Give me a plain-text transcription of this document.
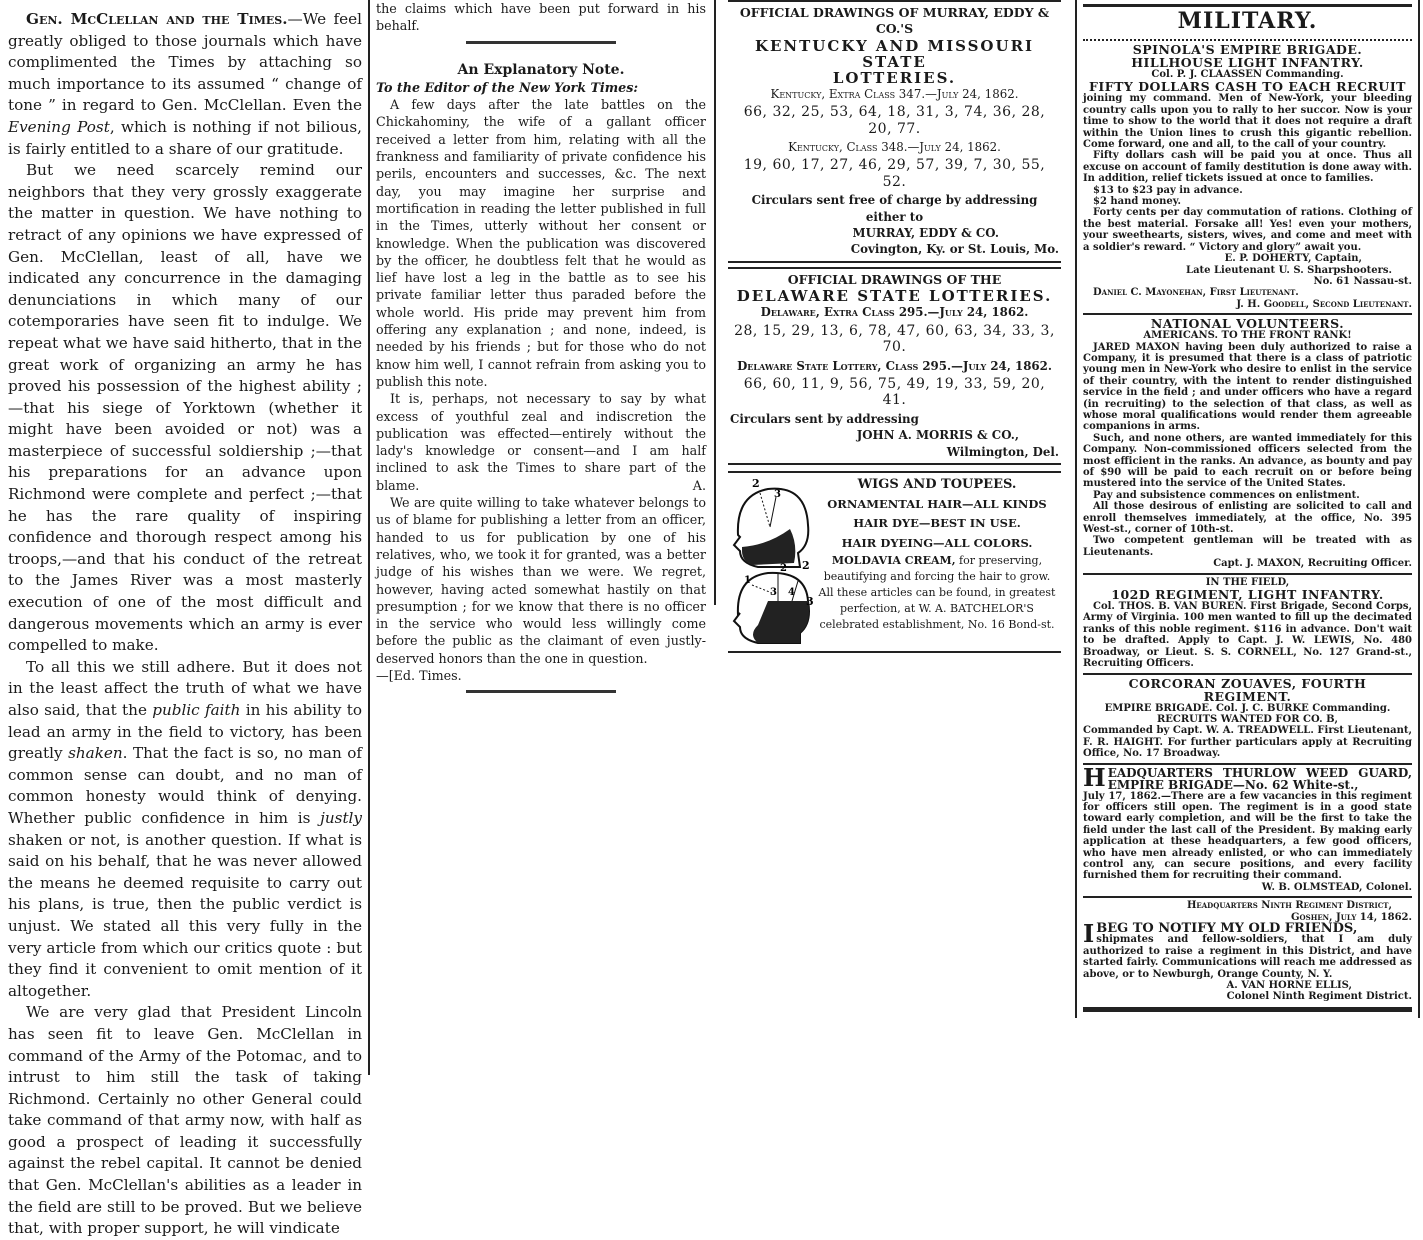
Gen. McClellan and the Times.—We feel greatly obliged to those journals which have complimented the Times by attaching so much importance to its assumed “ change of tone ” in regard to Gen. McClellan. Even the Evening Post, which is nothing if not bilious, is fairly entitled to a share of our gratitude.

But we need scarcely remind our neighbors that they very grossly exaggerate the matter in question. We have nothing to retract of any opinions we have expressed of Gen. McClellan, least of all, have we indicated any concurrence in the damaging denunciations in which many of our cotemporaries have seen fit to indulge. We repeat what we have said hitherto, that in the great work of organizing an army he has proved his possession of the highest ability ;—that his siege of Yorktown (whether it might have been avoided or not) was a masterpiece of successful soldiership ;—that his preparations for an advance upon Richmond were complete and perfect ;—that he has the rare quality of inspiring confidence and thorough respect among his troops,—and that his conduct of the retreat to the James River was a most masterly execution of one of the most difficult and dangerous movements which an army is ever compelled to make.

To all this we still adhere. But it does not in the least affect the truth of what we have also said, that the public faith in his ability to lead an army in the field to victory, has been greatly shaken. That the fact is so, no man of common sense can doubt, and no man of common honesty would think of denying. Whether public confidence in him is justly shaken or not, is another question. If what is said on his behalf, that he was never allowed the means he deemed requisite to carry out his plans, is true, then the public verdict is unjust. We stated all this very fully in the very article from which our critics quote : but they find it convenient to omit mention of it altogether.

We are very glad that President Lincoln has seen fit to leave Gen. McClellan in command of the Army of the Potomac, and to intrust to him still the task of taking Richmond. Certainly no other General could take command of that army now, with half as good a prospect of leading it successfully against the rebel capital. It cannot be denied that Gen. McClellan's abilities as a leader in the field are still to be proved. But we believe that, with proper support, he will vindicate

the claims which have been put forward in his behalf.

An Explanatory Note.

To the Editor of the New York Times:

A few days after the late battles on the Chickahominy, the wife of a gallant officer received a letter from him, relating with all the frankness and familiarity of private confidence his perils, encounters and successes, &c. The next day, you may imagine her surprise and mortification in reading the letter published in full in the Times, utterly without her consent or knowledge. When the publication was discovered by the officer, he doubtless felt that he would as lief have lost a leg in the battle as to see his private familiar letter thus paraded before the whole world. His pride may prevent him from offering any explanation ; and none, indeed, is needed by his friends ; but for those who do not know him well, I cannot refrain from asking you to publish this note.

It is, perhaps, not necessary to say by what excess of youthful zeal and indiscretion the publication was effected—entirely without the lady's knowledge or consent—and I am half inclined to ask the Times to share part of the blame.	A.

We are quite willing to take whatever belongs to us of blame for publishing a letter from an officer, handed to us for publication by one of his relatives, who, we took it for granted, was a better judge of his wishes than we were. We regret, however, having acted somewhat hastily on that presumption ; for we know that there is no officer in the service who would less willingly come before the public as the claimant of even justly-deserved honors than the one in question.

—[Ed. Times.

OFFICIAL DRAWINGS OF MURRAY, EDDY & CO.'S
KENTUCKY AND MISSOURI STATE
LOTTERIES.
Kentucky, Extra Class 347.—July 24, 1862.
66, 32, 25, 53, 64, 18, 31, 3, 74, 36, 28, 20, 77.
Kentucky, Class 348.—July 24, 1862.
19, 60, 17, 27, 46, 29, 57, 39, 7, 30, 55, 52.
Circulars sent free of charge by addressing either to
MURRAY, EDDY & CO.
Covington, Ky. or St. Louis, Mo.
OFFICIAL DRAWINGS OF THE
DELAWARE STATE LOTTERIES.
Delaware, Extra Class 295.—July 24, 1862.
28, 15, 29, 13, 6, 78, 47, 60, 63, 34, 33, 3, 70.
Delaware State Lottery, Class 295.—July 24, 1862.
66, 60, 11, 9, 56, 75, 49, 19, 33, 59, 20, 41.
Circulars sent by addressing
JOHN A. MORRIS & CO.,
Wilmington, Del.
2
3
2
2
1
3 4
3
WIGS AND TOUPEES.
ORNAMENTAL HAIR—ALL KINDS
HAIR DYE—BEST IN USE.
HAIR DYEING—ALL COLORS.
MOLDAVIA CREAM, for preserving, beautifying and forcing the hair to grow.
All these articles can be found, in greatest perfection, at W. A. BATCHELOR'S celebrated establishment, No. 16 Bond-st.
MILITARY.
SPINOLA'S EMPIRE BRIGADE.
HILLHOUSE LIGHT INFANTRY.
Col. P. J. CLAASSEN Commanding.
FIFTY DOLLARS CASH TO EACH RECRUIT

joining my command. Men of New-York, your bleeding country calls upon you to rally to her succor. Now is your time to show to the world that it does not require a draft within the Union lines to crush this gigantic rebellion. Come forward, one and all, to the call of your country.

Fifty dollars cash will be paid you at once. Thus all excuse on account of family destitution is done away with. In addition, relief tickets issued at once to families.

$13 to $23 pay in advance.

$2 hand money.

Forty cents per day commutation of rations. Clothing of the best material. Forsake all! Yes! even your mothers, your sweethearts, sisters, wives, and come and meet with a soldier's reward. “ Victory and glory” await you.

E. P. DOHERTY, Captain,
Late Lieutenant U. S. Sharpshooters.
No. 61 Nassau-st.
Daniel C. Mayonehan, First Lieutenant.
J. H. Goodell, Second Lieutenant.
NATIONAL VOLUNTEERS.
AMERICANS. TO THE FRONT RANK!

JARED MAXON having been duly authorized to raise a Company, it is presumed that there is a class of patriotic young men in New-York who desire to enlist in the service of their country, with the intent to render distinguished service in the field ; and under officers who have a regard (in recruiting) to the selection of that class, as well as whose moral qualifications would render them agreeable companions in arms.

Such, and none others, are wanted immediately for this Company. Non-commissioned officers selected from the most efficient in the ranks. An advance, as bounty and pay of $90 will be paid to each recruit on or before being mustered into the service of the United States.

Pay and subsistence commences on enlistment.

All those desirous of enlisting are solicited to call and enroll themselves immediately, at the office, No. 395 West-st., corner of 10th-st.

Two competent gentleman will be treated with as Lieutenants.

Capt. J. MAXON, Recruiting Officer.
IN THE FIELD,
102D REGIMENT, LIGHT INFANTRY.

Col. THOS. B. VAN BUREN. First Brigade, Second Corps, Army of Virginia. 100 men wanted to fill up the decimated ranks of this noble regiment. $116 in advance. Don't wait to be drafted. Apply to Capt. J. W. LEWIS, No. 480 Broadway, or Lieut. S. S. CORNELL, No. 127 Grand-st., Recruiting Officers.

CORCORAN ZOUAVES, FOURTH REGIMENT.
EMPIRE BRIGADE. Col. J. C. BURKE Commanding.
RECRUITS WANTED FOR CO. B,

Commanded by Capt. W. A. TREADWELL. First Lieutenant, F. R. HAIGHT. For further particulars apply at Recruiting Office, No. 17 Broadway.

H EADQUARTERS THURLOW WEED GUARD, EMPIRE BRIGADE—No. 62 White-st.,

July 17, 1862.—There are a few vacancies in this regiment for officers still open. The regiment is in a good state toward early completion, and will be the first to take the field under the last call of the President. By making early application at these headquarters, a few good officers, who have men already enlisted, or who can immediately control any, can secure positions, and every facility furnished them for recruiting their command.

W. B. OLMSTEAD, Colonel.
Headquarters Ninth Regiment District,
Goshen, July 14, 1862.
I BEG TO NOTIFY MY OLD FRIENDS,

shipmates and fellow-soldiers, that I am duly authorized to raise a regiment in this District, and have started fairly. Communications will reach me addressed as above, or to Newburgh, Orange County, N. Y.

A. VAN HORNE ELLIS,
Colonel Ninth Regiment District.
